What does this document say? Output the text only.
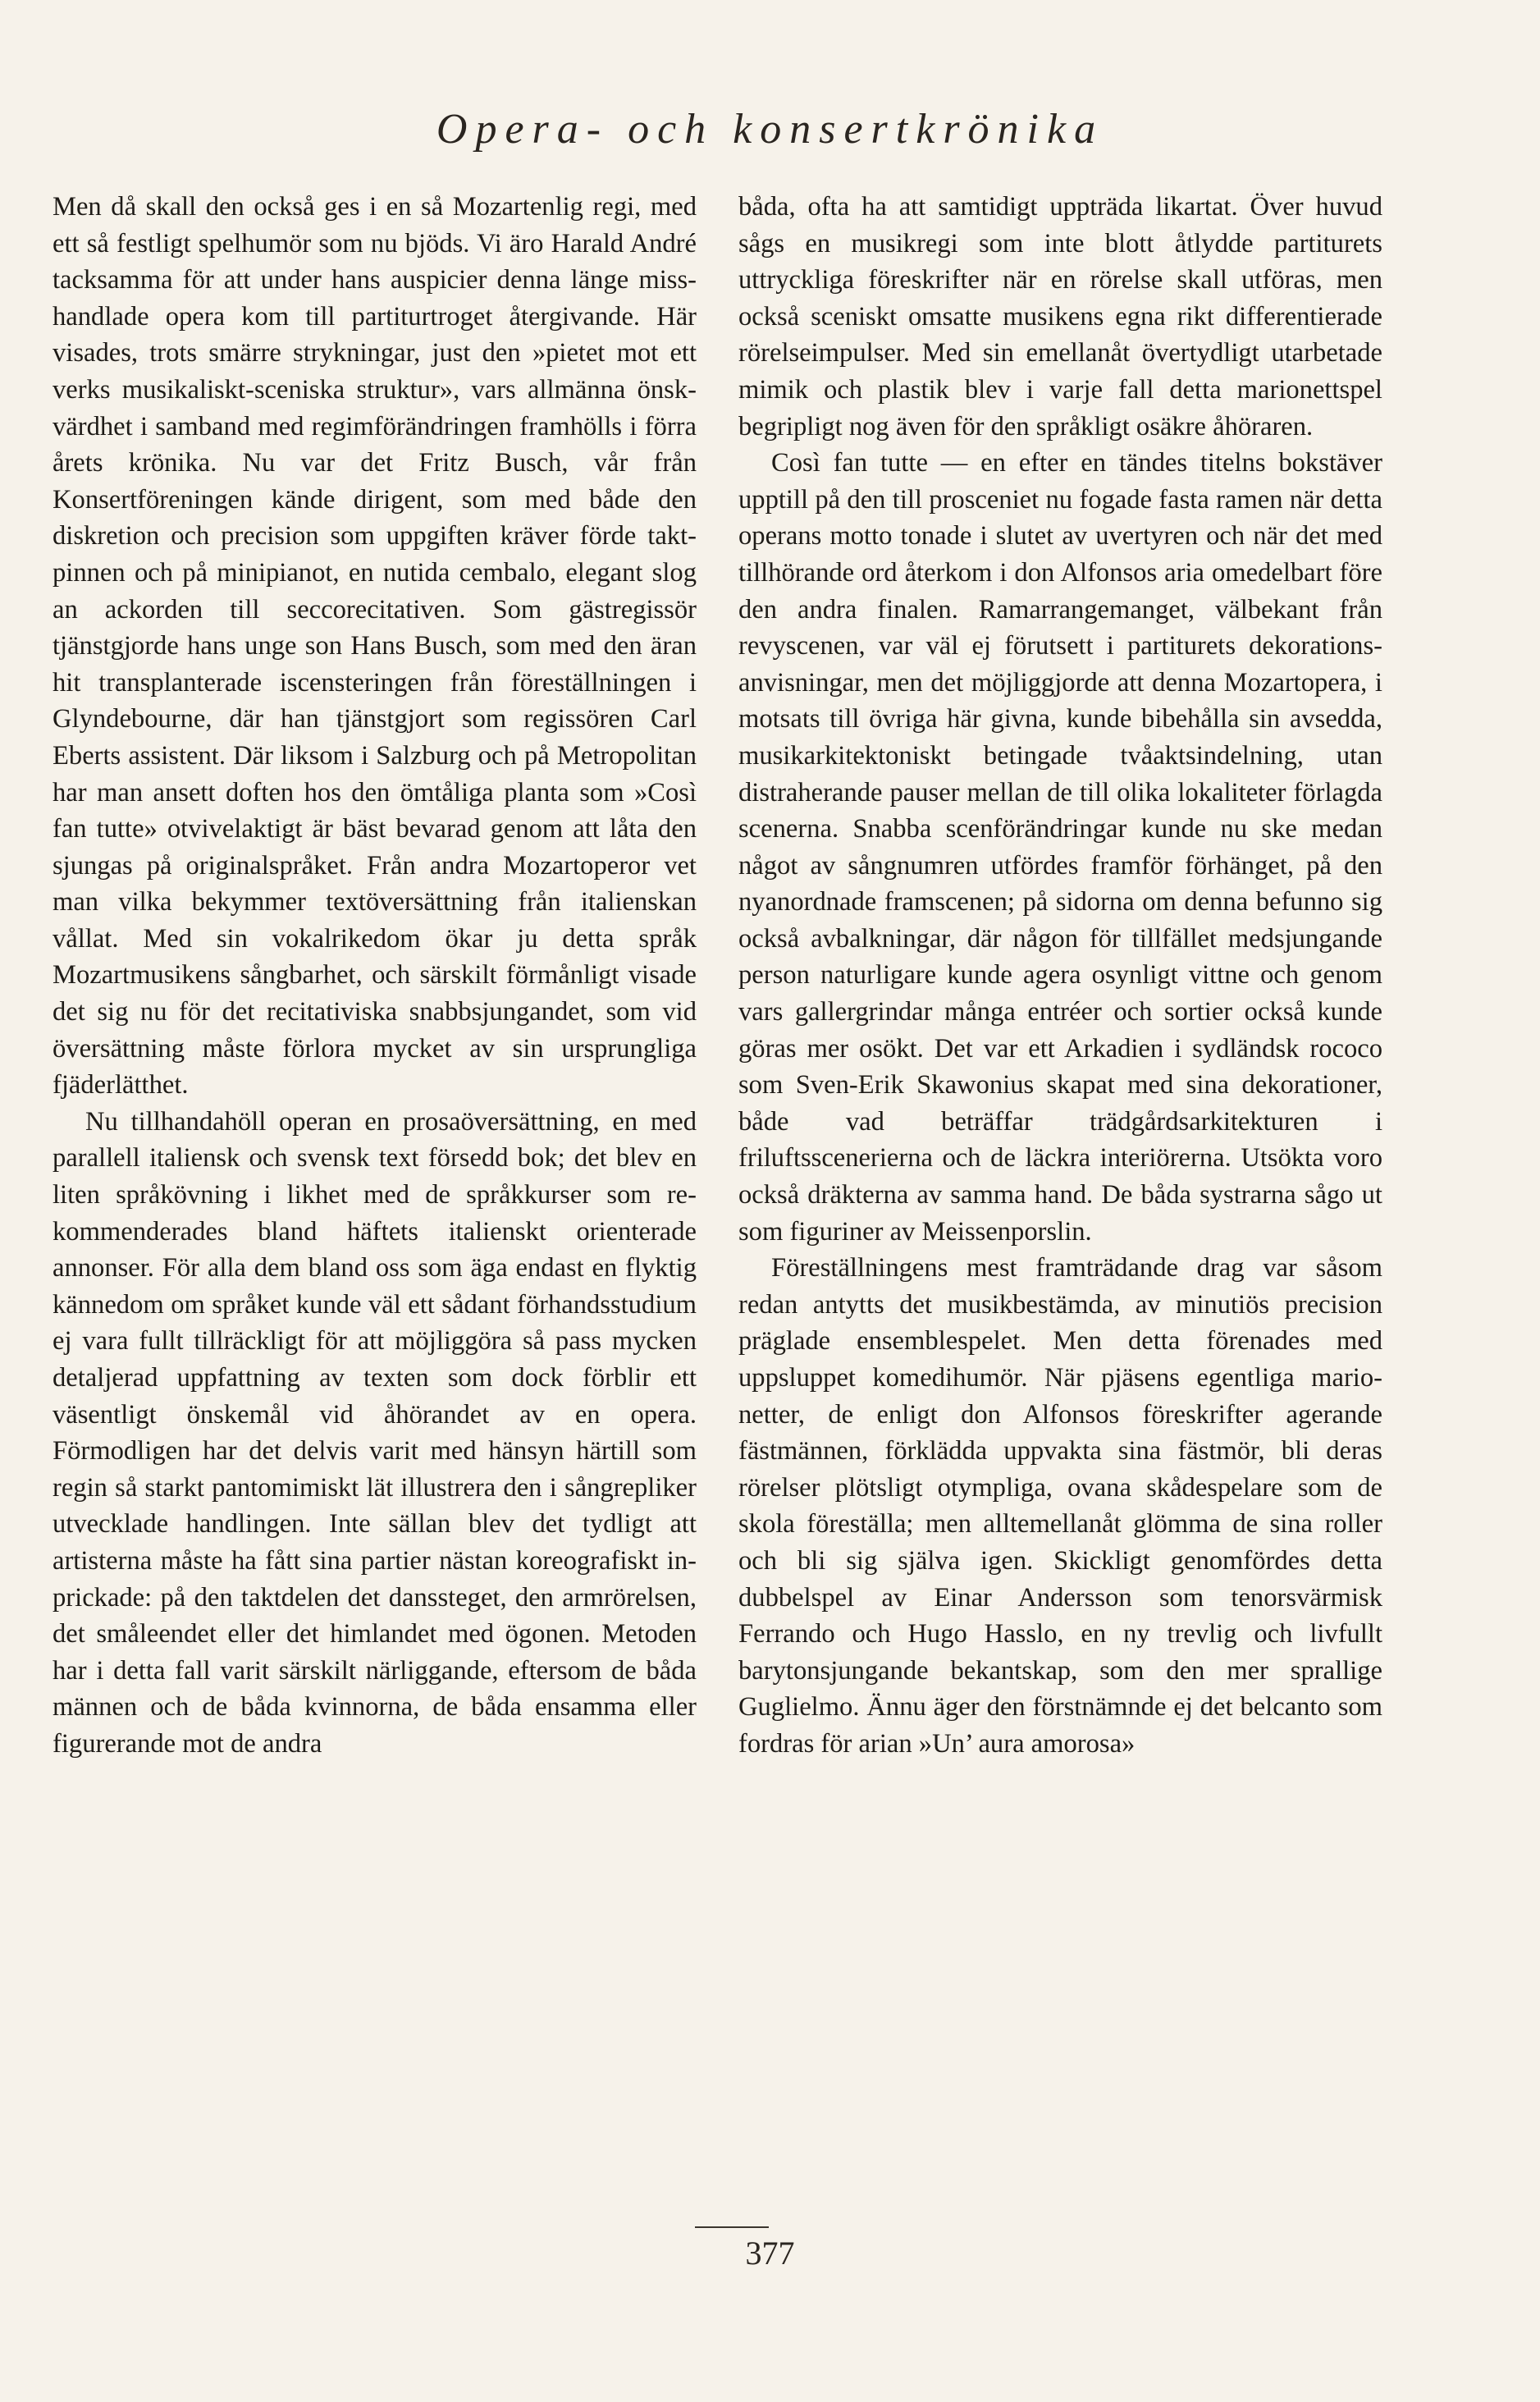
Opera- och konsertkrönika

Men då skall den också ges i en så Mozartenlig regi, med ett så festligt spelhumör som nu bjöds. Vi äro Harald André tacksamma för att under hans auspicier denna länge misshandlade opera kom till partiturtroget återgivande. Här visades, trots smärre strykningar, just den »pietet mot ett verks musikaliskt-sceniska struktur», vars allmänna önskvärdhet i samband med regimförändringen framhölls i förra årets krönika. Nu var det Fritz Busch, vår från Konsertföreningen kände dirigent, som med både den diskretion och precision som uppgiften kräver förde taktpinnen och på minipianot, en nutida cembalo, elegant slog an ackorden till seccorecitativen. Som gästregissör tjänstgjorde hans unge son Hans Busch, som med den äran hit transplanterade iscensteringen från föreställningen i Glyndebourne, där han tjänstgjort som regissören Carl Eberts assistent. Där liksom i Salzburg och på Metropolitan har man ansett doften hos den ömtåliga planta som »Così fan tutte» otvivelaktigt är bäst bevarad genom att låta den sjungas på originalspråket. Från andra Mozartoperor vet man vilka bekymmer textöversättning från italienskan vållat. Med sin vokalrikedom ökar ju detta språk Mozartmusikens sångbarhet, och särskilt förmånligt visade det sig nu för det recitativiska snabbsjungandet, som vid översättning måste förlora mycket av sin ursprungliga fjäderlätthet.

Nu tillhandahöll operan en prosaöversättning, en med parallell italiensk och svensk text försedd bok; det blev en liten språkövning i likhet med de språkkurser som rekommenderades bland häftets italienskt orienterade annonser. För alla dem bland oss som äga endast en flyktig kännedom om språket kunde väl ett sådant förhandsstudium ej vara fullt tillräckligt för att möjliggöra så pass mycken detaljerad uppfattning av texten som dock förblir ett väsentligt önskemål vid åhörandet av en opera. Förmodligen har det delvis varit med hänsyn härtill som regin så starkt pantomimiskt lät illustrera den i sångrepliker utvecklade handlingen. Inte sällan blev det tydligt att artisterna måste ha fått sina partier nästan koreografiskt inprickade: på den taktdelen det danssteget, den armrörelsen, det småleendet eller det himlandet med ögonen. Metoden har i detta fall varit särskilt närliggande, eftersom de båda männen och de båda kvinnorna, de båda ensamma eller figurerande mot de andra

båda, ofta ha att samtidigt uppträda likartat. Över huvud sågs en musikregi som inte blott åtlydde partiturets uttryckliga föreskrifter när en rörelse skall utföras, men också sceniskt omsatte musikens egna rikt differentierade rörelseimpulser. Med sin emellanåt övertydligt utarbetade mimik och plastik blev i varje fall detta marionettspel begripligt nog även för den språkligt osäkre åhöraren.

Così fan tutte — en efter en tändes titelns bokstäver upptill på den till prosceniet nu fogade fasta ramen när detta operans motto tonade i slutet av uvertyren och när det med tillhörande ord återkom i don Alfonsos aria omedelbart före den andra finalen. Ramarrangemanget, välbekant från revyscenen, var väl ej förutsett i partiturets dekorationsanvisningar, men det möjliggjorde att denna Mozartopera, i motsats till övriga här givna, kunde bibehålla sin avsedda, musikarkitektoniskt betingade tvåaktsindelning, utan distraherande pauser mellan de till olika lokaliteter förlagda scenerna. Snabba scenförändringar kunde nu ske medan något av sångnumren utfördes framför förhänget, på den nyanordnade framscenen; på sidorna om denna befunno sig också avbalkningar, där någon för tillfället medsjungande person naturligare kunde agera osynligt vittne och genom vars gallergrindar många entréer och sortier också kunde göras mer osökt. Det var ett Arkadien i sydländsk rococo som Sven-Erik Skawonius skapat med sina dekorationer, både vad beträffar trädgårdsarkitekturen i friluftsscenerierna och de läckra interiörerna. Utsökta voro också dräkterna av samma hand. De båda systrarna sågo ut som figuriner av Meissenporslin.

Föreställningens mest framträdande drag var såsom redan antytts det musikbestämda, av minutiös precision präglade ensemblespelet. Men detta förenades med uppsluppet komedihumör. När pjäsens egentliga marionetter, de enligt don Alfonsos föreskrifter agerande fästmännen, förklädda uppvakta sina fästmör, bli deras rörelser plötsligt otympliga, ovana skådespelare som de skola föreställa; men alltemellanåt glömma de sina roller och bli sig själva igen. Skickligt genomfördes detta dubbelspel av Einar Andersson som tenorsvärmisk Ferrando och Hugo Hasslo, en ny trevlig och livfullt barytonsjungande bekantskap, som den mer sprallige Guglielmo. Ännu äger den förstnämnde ej det belcanto som fordras för arian »Un’ aura amorosa»

377
